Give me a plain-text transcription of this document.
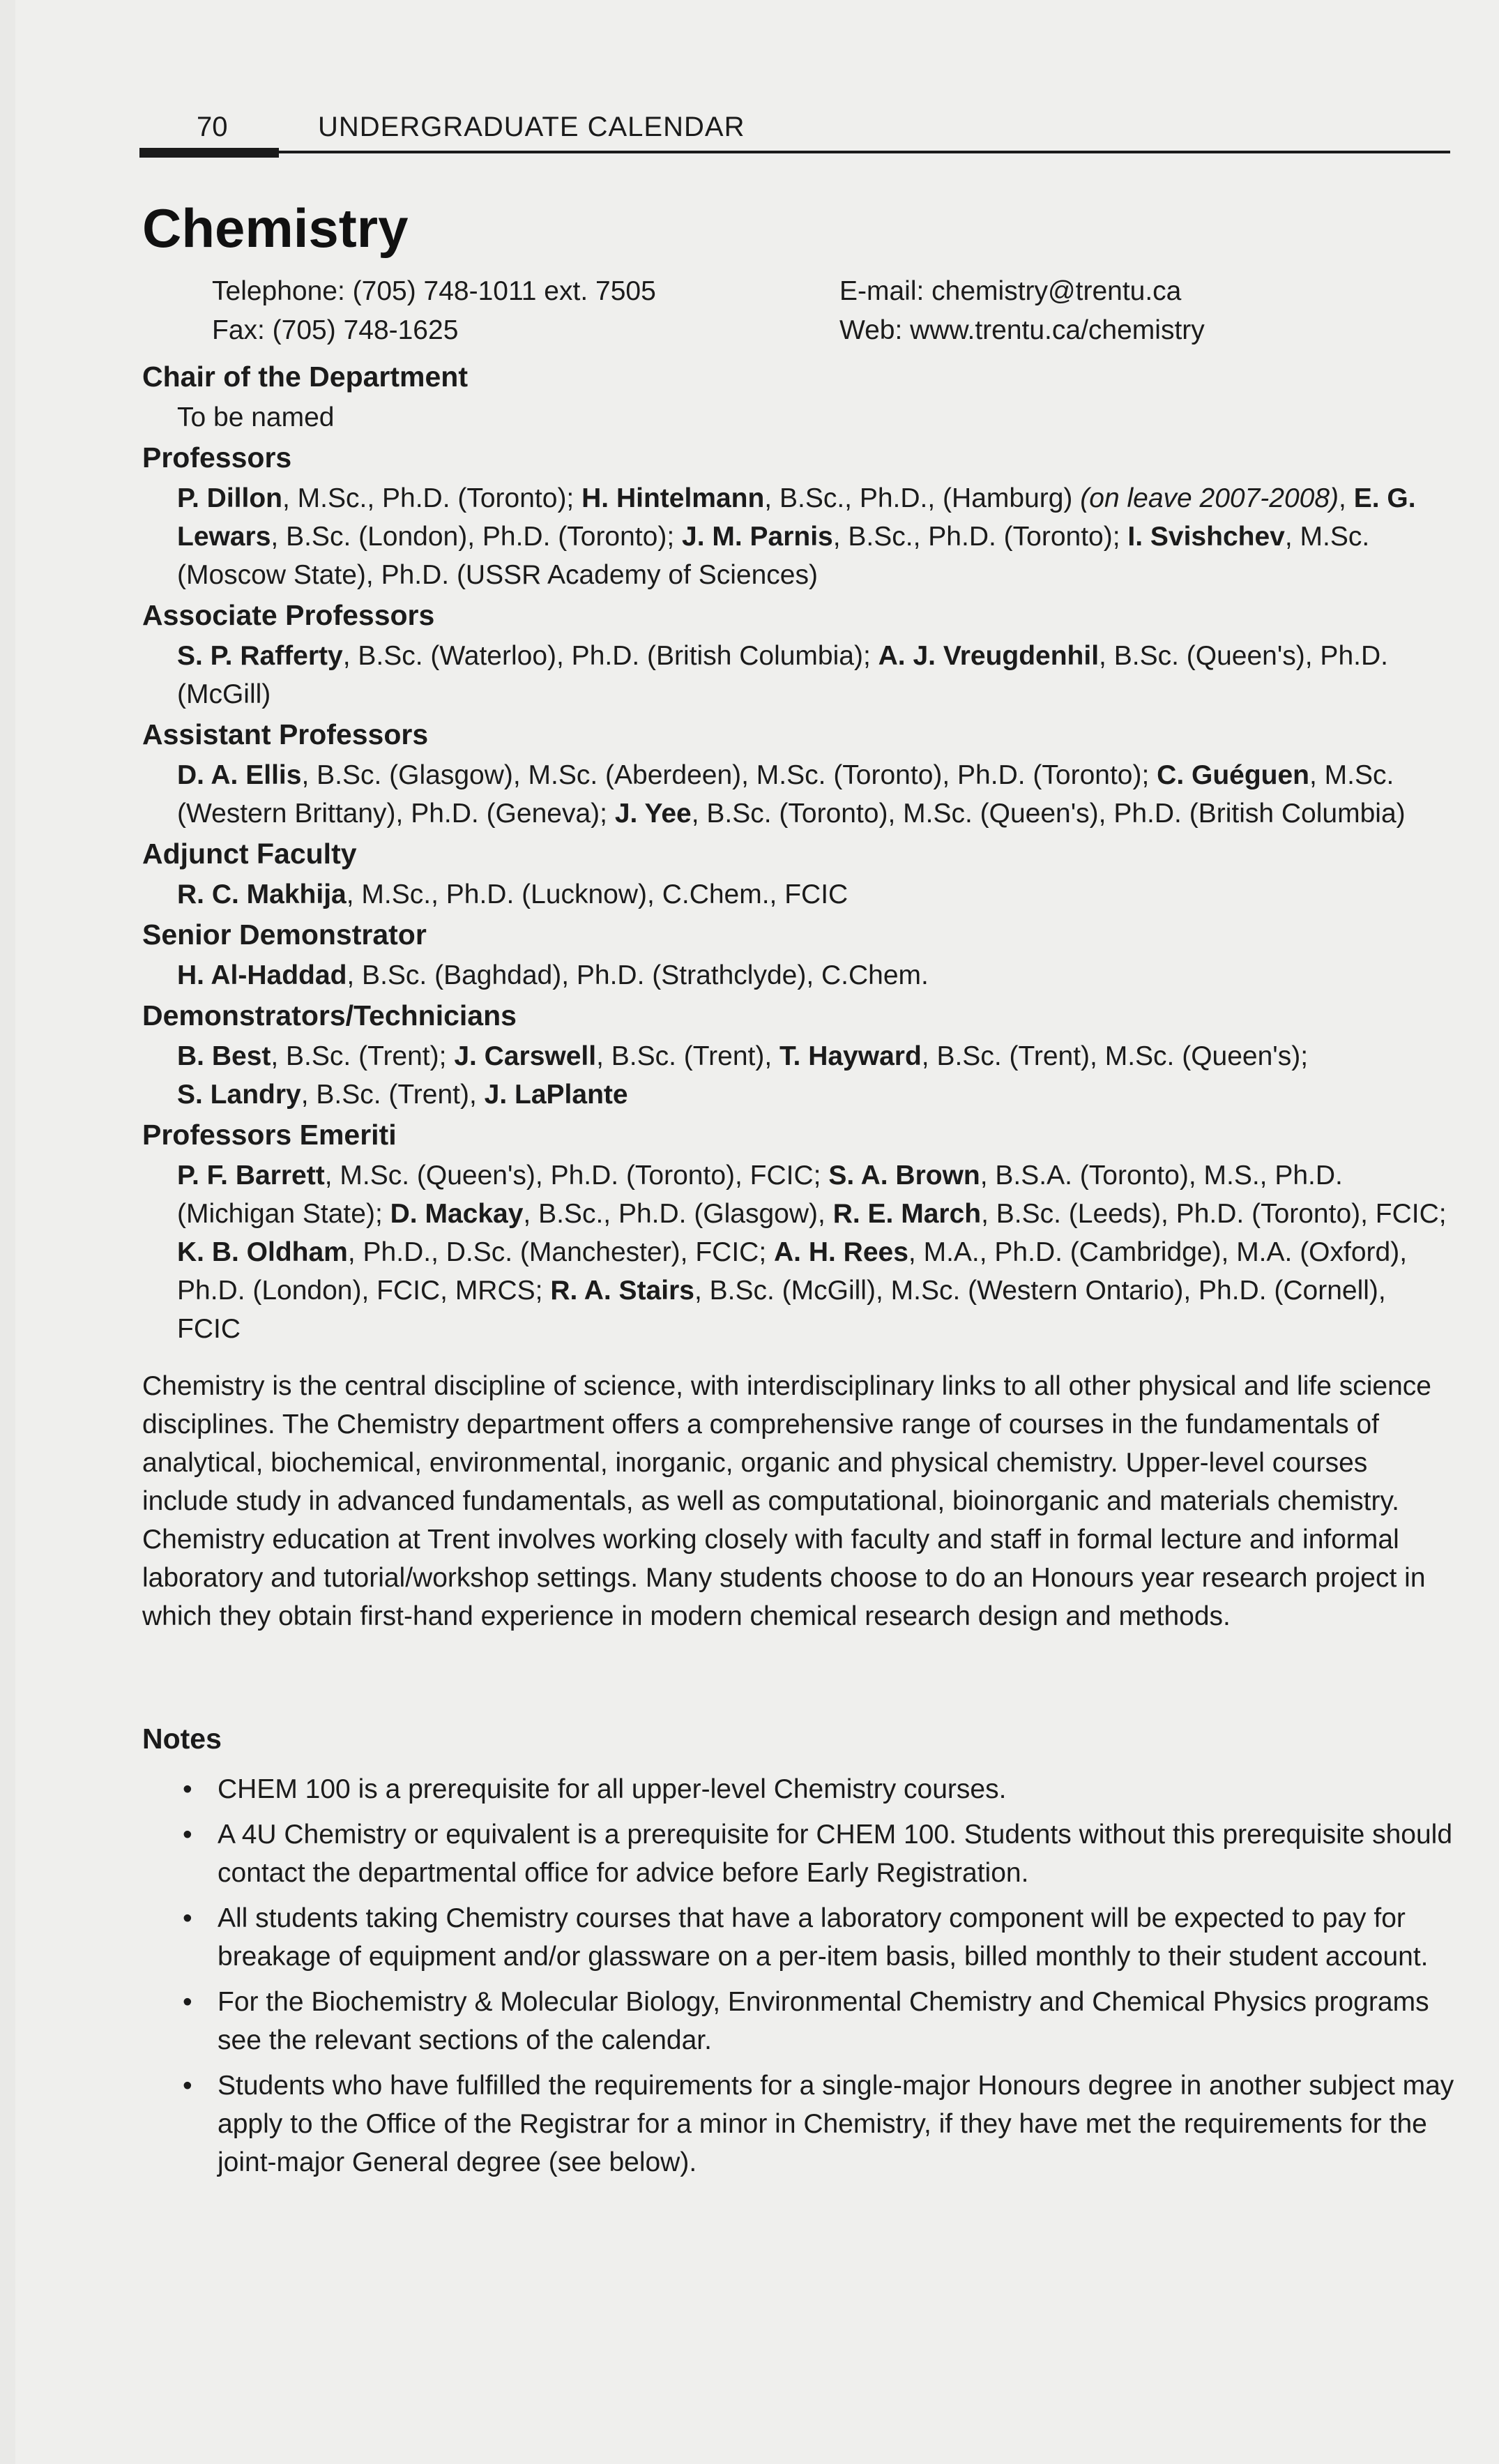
70	UNDERGRADUATE CALENDAR
Chemistry
Telephone: (705) 748-1011 ext. 7505
Fax: (705) 748-1625
E-mail: chemistry@trentu.ca
Web: www.trentu.ca/chemistry

Chair of the Department

To be named

Professors

P. Dillon, M.Sc., Ph.D. (Toronto); H. Hintelmann, B.Sc., Ph.D., (Hamburg) (on leave 2007-2008), E. G. Lewars, B.Sc. (London), Ph.D. (Toronto); J. M. Parnis, B.Sc., Ph.D. (Toronto); I. Svishchev, M.Sc. (Moscow State), Ph.D. (USSR Academy of Sciences)

Associate Professors

S. P. Rafferty, B.Sc. (Waterloo), Ph.D. (British Columbia); A. J. Vreugdenhil, B.Sc. (Queen's), Ph.D. (McGill)

Assistant Professors

D. A. Ellis, B.Sc. (Glasgow), M.Sc. (Aberdeen), M.Sc. (Toronto), Ph.D. (Toronto); C. Guéguen, M.Sc. (Western Brittany), Ph.D. (Geneva); J. Yee, B.Sc. (Toronto), M.Sc. (Queen's), Ph.D. (British Columbia)

Adjunct Faculty

R. C. Makhija, M.Sc., Ph.D. (Lucknow), C.Chem., FCIC

Senior Demonstrator

H. Al-Haddad, B.Sc. (Baghdad), Ph.D. (Strathclyde), C.Chem.

Demonstrators/Technicians

B. Best, B.Sc. (Trent); J. Carswell, B.Sc. (Trent), T. Hayward, B.Sc. (Trent), M.Sc. (Queen's);
S. Landry, B.Sc. (Trent), J. LaPlante

Professors Emeriti

P. F. Barrett, M.Sc. (Queen's), Ph.D. (Toronto), FCIC; S. A. Brown, B.S.A. (Toronto), M.S., Ph.D. (Michigan State); D. Mackay, B.Sc., Ph.D. (Glasgow), R. E. March, B.Sc. (Leeds), Ph.D. (Toronto), FCIC; K. B. Oldham, Ph.D., D.Sc. (Manchester), FCIC; A. H. Rees, M.A., Ph.D. (Cambridge), M.A. (Oxford), Ph.D. (London), FCIC, MRCS; R. A. Stairs, B.Sc. (McGill), M.Sc. (Western Ontario), Ph.D. (Cornell), FCIC

Chemistry is the central discipline of science, with interdisciplinary links to all other physical and life science disciplines. The Chemistry department offers a comprehensive range of courses in the fundamentals of analytical, biochemical, environmental, inorganic, organic and physical chemistry. Upper-level courses include study in advanced fundamentals, as well as computational, bioinorganic and materials chemistry. Chemistry education at Trent involves working closely with faculty and staff in formal lecture and informal laboratory and tutorial/workshop settings. Many students choose to do an Honours year research project in which they obtain first-hand experience in modern chemical research design and methods.

Notes
• CHEM 100 is a prerequisite for all upper-level Chemistry courses.
• A 4U Chemistry or equivalent is a prerequisite for CHEM 100. Students without this prerequisite should contact the departmental office for advice before Early Registration.
• All students taking Chemistry courses that have a laboratory component will be expected to pay for breakage of equipment and/or glassware on a per-item basis, billed monthly to their student account.
• For the Biochemistry & Molecular Biology, Environmental Chemistry and Chemical Physics programs see the relevant sections of the calendar.
• Students who have fulfilled the requirements for a single-major Honours degree in another subject may apply to the Office of the Registrar for a minor in Chemistry, if they have met the requirements for the joint-major General degree (see below).
